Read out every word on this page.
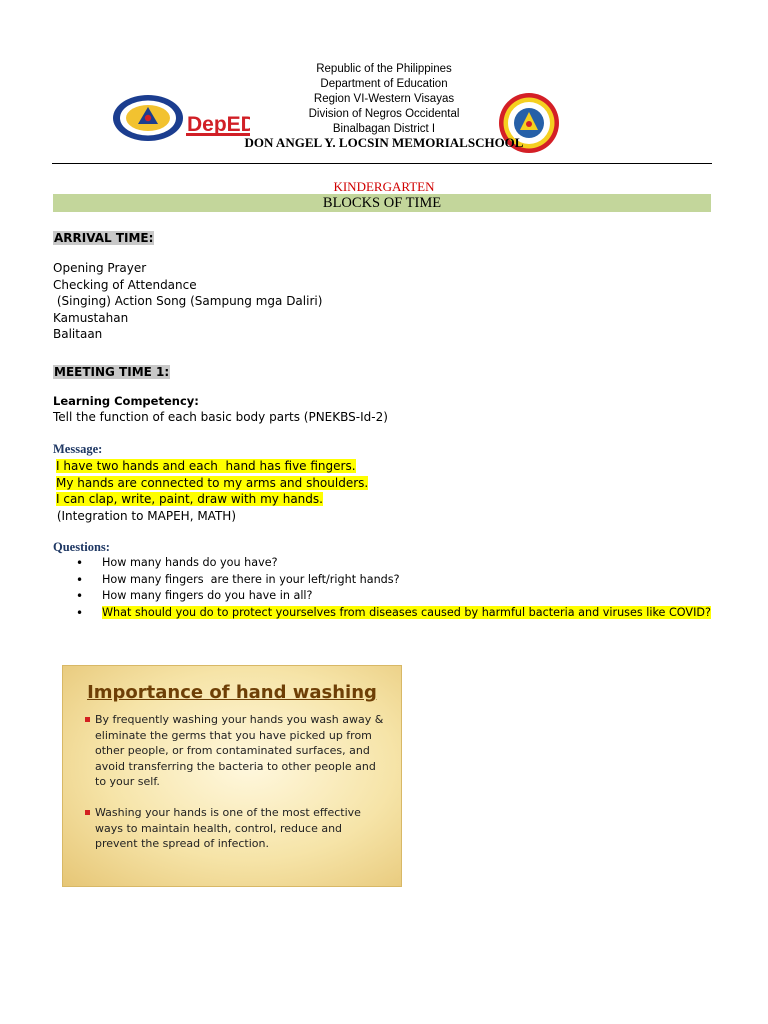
Republic of the Philippines
Department of Education
Region VI-Western Visayas
Division of Negros Occidental
Binalbagan District I
DepED
DON ANGEL Y. LOCSIN MEMORIALSCHOOL
KINDERGARTEN
BLOCKS OF TIME
ARRIVAL TIME:
Opening Prayer
Checking of Attendance
(Singing) Action Song (Sampung mga Daliri)
Kamustahan
Balitaan
MEETING TIME 1:
Learning Competency:
Tell the function of each basic body parts (PNEKBS-Id-2)
Message:
I have two hands and each  hand has five fingers.
My hands are connected to my arms and shoulders.
I can clap, write, paint, draw with my hands.
(Integration to MAPEH, MATH)
Questions:
•	How many hands do you have?
•	How many fingers  are there in your left/right hands?
•	How many fingers do you have in all?
•	What should you do to protect yourselves from diseases caused by harmful bacteria and viruses like COVID?
Importance of hand washing
By frequently washing your hands you wash away & eliminate the germs that you have picked up from other people, or from contaminated surfaces, and avoid transferring the bacteria to other people and to your self.
Washing your hands is one of the most effective ways to maintain health, control, reduce and prevent the spread of infection.
